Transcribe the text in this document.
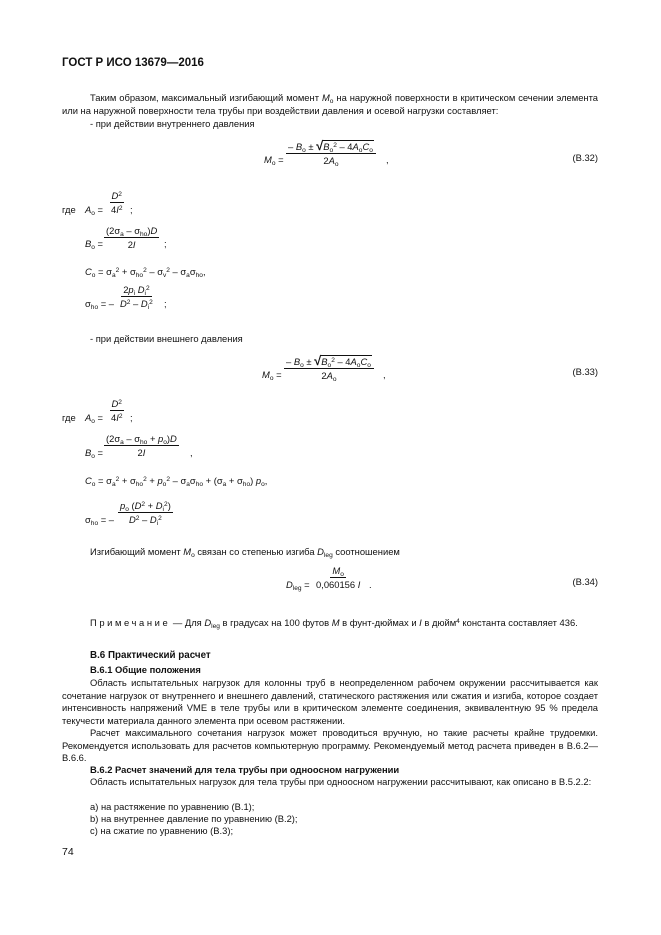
ГОСТ Р ИСО 13679—2016
Таким образом, максимальный изгибающий момент $M_o$ на наружной поверхности в критическом сечении элемента или на наружной поверхности тела трубы при воздействии давления и осевой нагрузки составляет:
- при действии внутреннего давления
$M_o$ =
– $B_o \pm √B_o^2 - 4A_oC_o$
$2A_o$	,	(B.32)
где $A_o = \frac{D^2}{4I^2}$ ;
$B_o$ =
$(2\sigma_a - \sigma_{ho})D$
2I	;
$C_o = \sigma_a^2 + \sigma_{ho}^2 - \sigma_v^2 - \sigma_a\sigma_{ho}$,
$\sigma_{ho}$ = – $\frac{2p_i D_i^2}{D^2 - D_i^2}$ ;
- при действии внешнего давления
$M_o$ =
– $B_o \pm √B_o^2 - 4A_oC_o$
$2A_o$	,	(B.33)
где $A_o = \frac{D^2}{4I^2}$ ;
$B_o$ =
$(2\sigma_a - \sigma_{ho} + p_o)D$
2I	,
$C_o = \sigma_a^2 + \sigma_{ho}^2 + p_o^2 - \sigma_a\sigma_{ho} + (\sigma_a + \sigma_{ho})$ $p_o$,
$\sigma_{ho}$ = – $\frac{p_o (D^2 + D_i^2)}{D^2 - D_i^2}$
Изгибающий момент $M_o$ связан со степенью изгиба $D_{leg}$ соотношением
$D_{leg} = \frac{M_o}{0,060156 I}$ .	(B.34)
Примечание — Для $D_{leg}$ в градусах на 100 футов M в фунт-дюймах и I в дюйм$^4$ константа составляет 436.
B.6 Практический расчет
B.6.1 Общие положения
Область испытательных нагрузок для колонны труб в неопределенном рабочем окружении рассчитывается как сочетание нагрузок от внутреннего и внешнего давлений, статического растяжения или сжатия и изгиба, которое создает интенсивность напряжений VME в теле трубы или в критическом элементе соединения, эквивалентную 95 % предела текучести материала данного элемента при осевом растяжении.
Расчет максимального сочетания нагрузок может проводиться вручную, но такие расчеты крайне трудоемки. Рекомендуется использовать для расчетов компьютерную программу. Рекомендуемый метод расчета приведен в B.6.2—B.6.6.
B.6.2 Расчет значений для тела трубы при одноосном нагружении
Область испытательных нагрузок для тела трубы при одноосном нагружении рассчитывают, как описано в B.5.2.2:
a) на растяжение по уравнению (B.1);
b) на внутреннее давление по уравнению (B.2);
c) на сжатие по уравнению (B.3);
74
